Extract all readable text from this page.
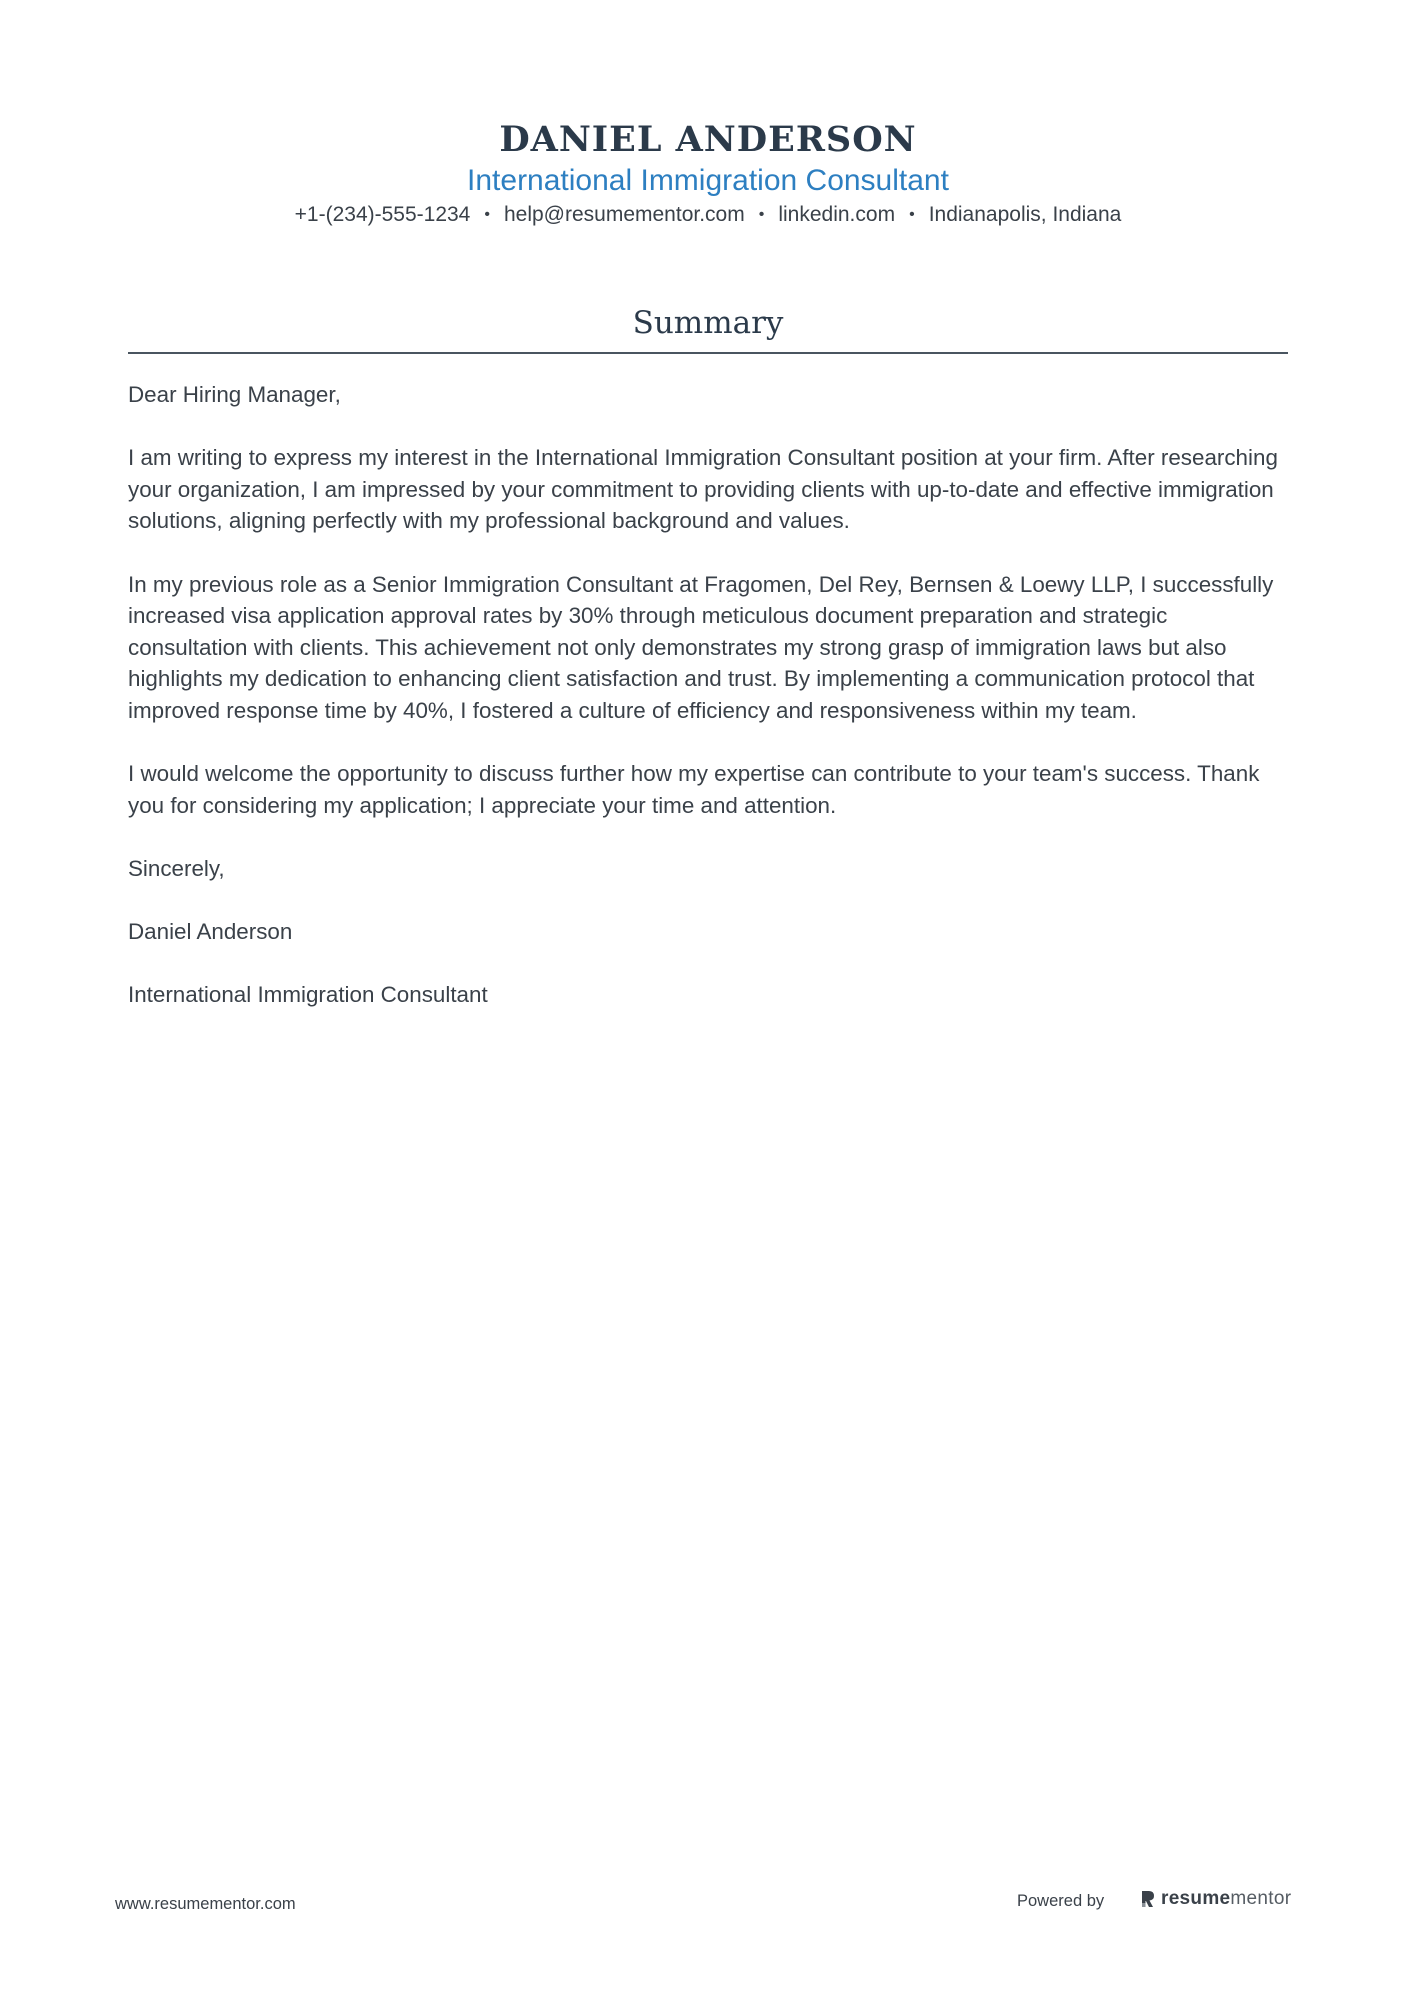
DANIEL ANDERSON
International Immigration Consultant
+1-(234)-555-1234 • help@resumementor.com • linkedin.com • Indianapolis, Indiana
Summary

Dear Hiring Manager,

I am writing to express my interest in the International Immigration Consultant position at your firm. After researching your organization, I am impressed by your commitment to providing clients with up-to-date and effective immigration solutions, aligning perfectly with my professional background and values.

In my previous role as a Senior Immigration Consultant at Fragomen, Del Rey, Bernsen & Loewy LLP, I successfully increased visa application approval rates by 30% through meticulous document preparation and strategic consultation with clients. This achievement not only demonstrates my strong grasp of immigration laws but also highlights my dedication to enhancing client satisfaction and trust. By implementing a communication protocol that improved response time by 40%, I fostered a culture of efficiency and responsiveness within my team.

I would welcome the opportunity to discuss further how my expertise can contribute to your team's success. Thank you for considering my application; I appreciate your time and attention.

Sincerely,

Daniel Anderson

International Immigration Consultant

www.resumementor.com	Powered by	resumementor
